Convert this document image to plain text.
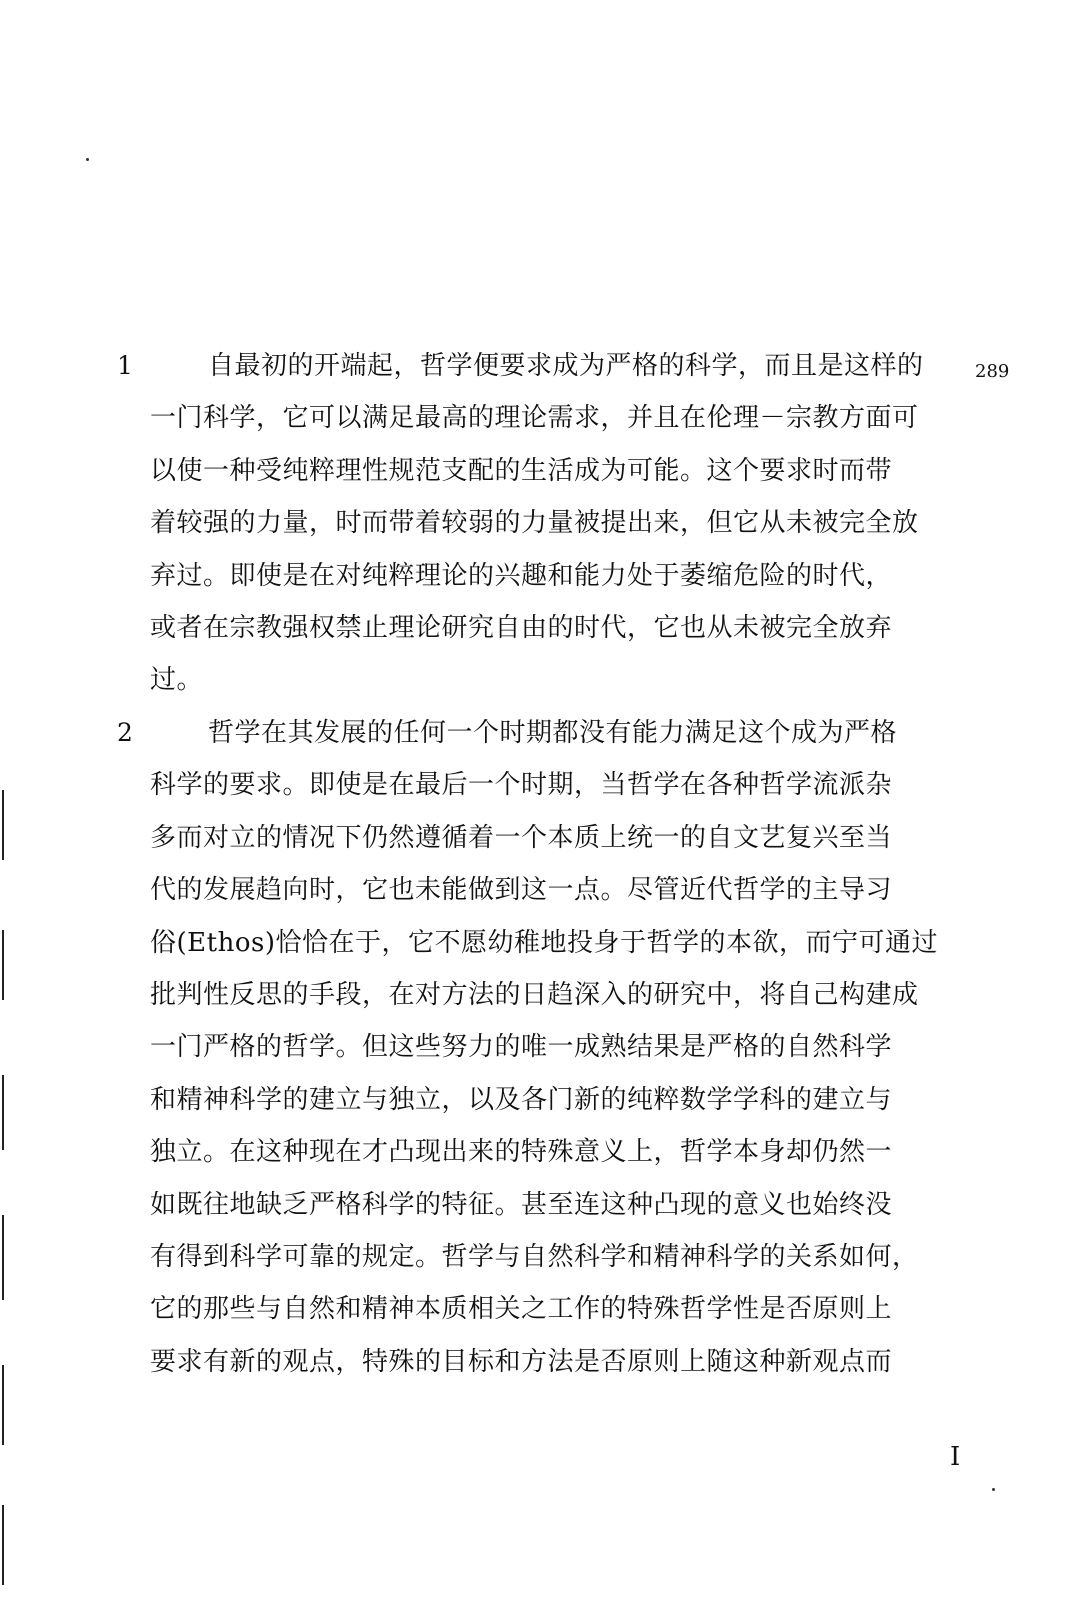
289
1	自最初的开端起，哲学便要求成为严格的科学，而且是这样的
一门科学，它可以满足最高的理论需求，并且在伦理－宗教方面可
以使一种受纯粹理性规范支配的生活成为可能。这个要求时而带
着较强的力量，时而带着较弱的力量被提出来，但它从未被完全放
弃过。即使是在对纯粹理论的兴趣和能力处于萎缩危险的时代，
或者在宗教强权禁止理论研究自由的时代，它也从未被完全放弃
过。
2	哲学在其发展的任何一个时期都没有能力满足这个成为严格
科学的要求。即使是在最后一个时期，当哲学在各种哲学流派杂
多而对立的情况下仍然遵循着一个本质上统一的自文艺复兴至当
代的发展趋向时，它也未能做到这一点。尽管近代哲学的主导习
俗(Ethos)恰恰在于，它不愿幼稚地投身于哲学的本欲，而宁可通过
批判性反思的手段，在对方法的日趋深入的研究中，将自己构建成
一门严格的哲学。但这些努力的唯一成熟结果是严格的自然科学
和精神科学的建立与独立，以及各门新的纯粹数学学科的建立与
独立。在这种现在才凸现出来的特殊意义上，哲学本身却仍然一
如既往地缺乏严格科学的特征。甚至连这种凸现的意义也始终没
有得到科学可靠的规定。哲学与自然科学和精神科学的关系如何，
它的那些与自然和精神本质相关之工作的特殊哲学性是否原则上
要求有新的观点，特殊的目标和方法是否原则上随这种新观点而
I
